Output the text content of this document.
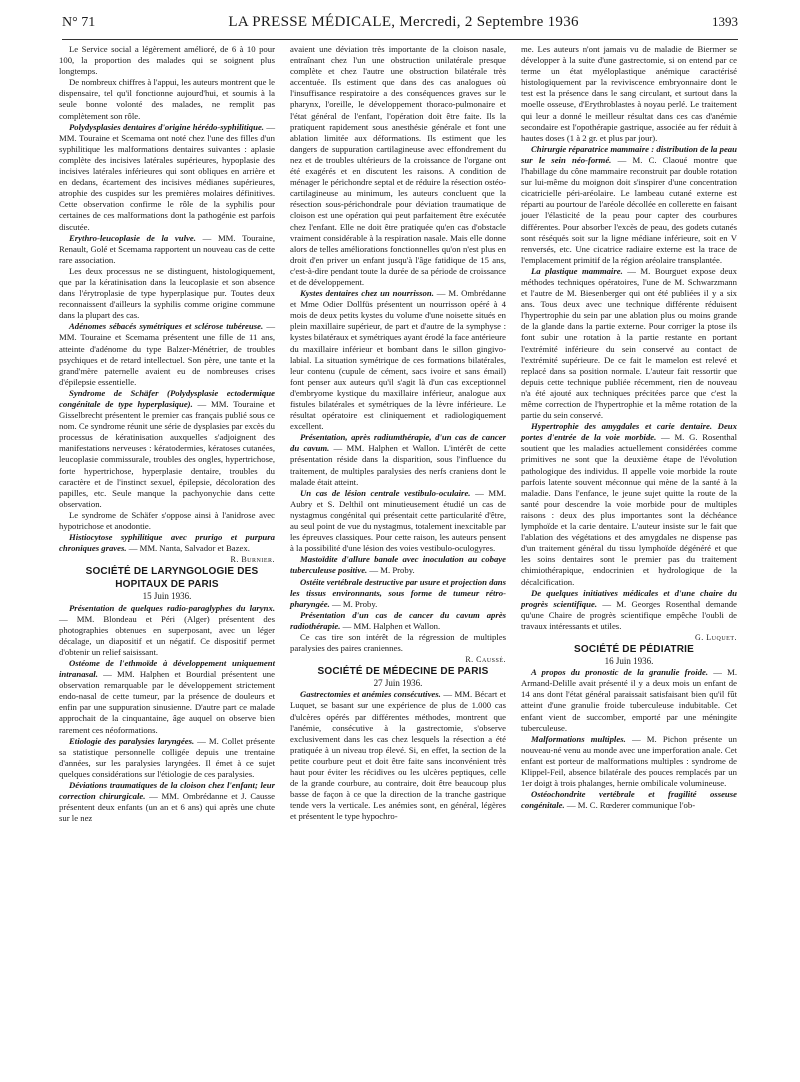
N° 71	LA PRESSE MÉDICALE, Mercredi, 2 Septembre 1936	1393

Le Service social a légèrement amélioré, de 6 à 10 pour 100, la proportion des malades qui se soignent plus longtemps.

De nombreux chiffres à l'appui, les auteurs montrent que le dispensaire, tel qu'il fonctionne aujourd'hui, et soumis à la seule bonne volonté des malades, ne remplit pas complètement son rôle.

Polydysplasies dentaires d'origine hérédo-syphilitique. — MM. Touraine et Scemama ont noté chez l'une des filles d'un syphilitique les malformations dentaires suivantes : aplasie complète des incisives latérales supérieures, hypoplasie des incisives latérales inférieures qui sont obliques en arrière et en dedans, écartement des incisives médianes supérieures, atrophie des cuspides sur les premières molaires définitives. Cette observation confirme le rôle de la syphilis pour certaines de ces malformations dont la pathogénie est parfois discutée.

Erythro-leucoplasie de la vulve. — MM. Touraine, Renault, Golé et Scemama rapportent un nouveau cas de cette rare association.

Les deux processus ne se distinguent, histologiquement, que par la kératinisation dans la leucoplasie et son absence dans l'érytroplasie de type hyperplasique pur. Toutes deux reconnaissent d'ailleurs la syphilis comme origine commune dans la plupart des cas.

Adénomes sébacés symétriques et sclérose tubéreuse. — MM. Touraine et Scemama présentent une fille de 11 ans, atteinte d'adénome du type Balzer-Ménétrier, de troubles psychiques et de retard intellectuel. Son père, une tante et la grand'mère paternelle avaient eu de nombreuses crises d'épilepsie essentielle.

Syndrome de Schäfer (Polydysplasie ectodermique congénitale de type hyperplasique). — MM. Touraine et Gisselbrecht présentent le premier cas français publié sous ce nom. Ce syndrome réunit une série de dysplasies par excès du processus de kératinisation auxquelles s'adjoignent des manifestations nerveuses : kératodermies, kératoses cutanées, leucoplasie commissurale, troubles des ongles, hypertrichose, forte hypertrichose, hyperplasie dentaire, troubles du caractère et de l'instinct sexuel, épilepsie, décoloration des papilles, etc. Seule manque la pachyonychie dans cette observation.

Le syndrome de Schäfer s'oppose ainsi à l'anidrose avec hypotrichose et anodontie.

Histiocytose syphilitique avec prurigo et purpura chroniques graves. — MM. Nanta, Salvador et Bazex.

R. Burnier.

SOCIÉTÉ DE LARYNGOLOGIE DES HOPITAUX DE PARIS

15 Juin 1936.

Présentation de quelques radio-paraglyphes du larynx. — MM. Blondeau et Péri (Alger) présentent des photographies obtenues en superposant, avec un léger décalage, un diapositif et un négatif. Ce dispositif permet d'obtenir un relief saisissant.

Ostéome de l'ethmoïde à développement uniquement intranasal. — MM. Halphen et Bourdial présentent une observation remarquable par le développement strictement endo-nasal de cette tumeur, par la présence de douleurs et enfin par une suppuration sinusienne. D'autre part ce malade approchait de la cinquantaine, âge auquel on observe bien rarement ces néoformations.

Etiologie des paralysies laryngées. — M. Collet présente sa statistique personnelle colligée depuis une trentaine d'années, sur les paralysies laryngées. Il émet à ce sujet quelques considérations sur l'étiologie de ces paralysies.

Déviations traumatiques de la cloison chez l'enfant; leur correction chirurgicale. — MM. Ombrédanne et J. Causse présentent deux enfants (un an et 6 ans) qui après une chute sur le nez

avaient une déviation très importante de la cloison nasale, entraînant chez l'un une obstruction unilatérale presque complète et chez l'autre une obstruction bilatérale très accentuée. Ils estiment que dans des cas analogues où l'insuffisance respiratoire a des conséquences graves sur le pharynx, l'oreille, le développement thoraco-pulmonaire et l'état général de l'enfant, l'opération doit être faite. Ils la pratiquent rapidement sous anesthésie générale et font une ablation limitée aux déformations. Ils estiment que les dangers de suppuration cartilagineuse avec effondrement du nez et de troubles ultérieurs de la croissance de l'organe ont été exagérés et en discutent les raisons. A condition de ménager le périchondre septal et de réduire la résection ostéo-cartilagineuse au minimum, les auteurs concluent que la résection sous-périchondrale pour déviation traumatique de cloison est une opération qui peut parfaitement être exécutée chez l'enfant. Elle ne doit être pratiquée qu'en cas d'obstacle vraiment considérable à la respiration nasale. Mais elle donne alors de telles améliorations fonctionnelles qu'on n'est plus en droit d'en priver un enfant jusqu'à l'âge fatidique de 15 ans, c'est-à-dire pendant toute la durée de sa période de croissance et de développement.

Kystes dentaires chez un nourrisson. — M. Ombrédanne et Mme Odier Dollfüs présentent un nourrisson opéré à 4 mois de deux petits kystes du volume d'une noisette situés en plein maxillaire supérieur, de part et d'autre de la symphyse : kystes bilatéraux et symétriques ayant érodé la face antérieure du maxillaire inférieur et bombant dans le sillon gingivo-labial. La situation symétrique de ces formations bilatérales, leur contenu (cupule de cément, sacs ivoire et sans émail) font penser aux auteurs qu'il s'agit là d'un cas exceptionnel d'embryome kystique du maxillaire inférieur, analogue aux fistules bilatérales et symétriques de la lèvre inférieure. Le résultat opératoire est cliniquement et radiologiquement excellent.

Présentation, après radiumthérapie, d'un cas de cancer du cavum. — MM. Halphen et Wallon. L'intérêt de cette présentation réside dans la disparition, sous l'influence du traitement, de multiples paralysies des nerfs craniens dont le malade était atteint.

Un cas de lésion centrale vestibulo-oculaire. — MM. Aubry et S. Delthil ont minutieusement étudié un cas de nystagmus congénital qui présentait cette particularité d'être, au seul point de vue du nystagmus, totalement inexcitable par les épreuves classiques. Pour cette raison, les auteurs pensent à la possibilité d'une lésion des voies vestibulo-oculogyres.

Mastoïdite d'allure banale avec inoculation au cobaye tuberculeuse positive. — M. Proby.

Ostéite vertébrale destructive par usure et projection dans les tissus environnants, sous forme de tumeur rétro-pharyngée. — M. Proby.

Présentation d'un cas de cancer du cavum après radiothérapie. — MM. Halphen et Wallon.

Ce cas tire son intérêt de la régression de multiples paralysies des paires craniennes.

R. Caussé.

SOCIÉTÉ DE MÉDECINE DE PARIS

27 Juin 1936.

Gastrectomies et anémies consécutives. — MM. Bécart et Luquet, se basant sur une expérience de plus de 1.000 cas d'ulcères opérés par différentes méthodes, montrent que l'anémie, consécutive à la gastrectomie, s'observe exclusivement dans les cas chez lesquels la résection a été pratiquée à un niveau trop élevé. Si, en effet, la section de la petite courbure peut et doit être faite sans inconvénient très haut pour éviter les récidives ou les ulcères peptiques, celle de la grande courbure, au contraire, doit être beaucoup plus basse de façon à ce que la direction de la tranche gastrique tende vers la verticale. Les anémies sont, en général, légères et présentent le type hypochro-

me. Les auteurs n'ont jamais vu de maladie de Biermer se développer à la suite d'une gastrectomie, si on entend par ce terme un état myéloplastique anémique caractérisé histologiquement par la reviviscence embryonnaire dont le test est la présence dans le sang circulant, et surtout dans la moelle osseuse, d'Erythroblastes à noyau perlé. Le traitement qui leur a donné le meilleur résultat dans ces cas d'anémie secondaire est l'opothérapie gastrique, associée au fer réduit à hautes doses (1 à 2 gr. et plus par jour).

Chirurgie réparatrice mammaire : distribution de la peau sur le sein néo-formé. — M. C. Claoué montre que l'habillage du cône mammaire reconstruit par double rotation sur lui-même du moignon doit s'inspirer d'une concentration cicatricielle péri-aréolaire. Le lambeau cutané externe est réparti au pourtour de l'aréole décollée en collerette en faisant jouer l'élasticité de la peau pour capter des courbures différentes. Pour absorber l'excès de peau, des godets cutanés sont réséqués soit sur la ligne médiane inférieure, soit en V renversés, etc. Une cicatrice radiaire externe est la trace de l'emplacement primitif de la région aréolaire transplantée.

La plastique mammaire. — M. Bourguet expose deux méthodes techniques opératoires, l'une de M. Schwarzmann et l'autre de M. Biesenberger qui ont été publiées il y a six ans. Tous deux avec une technique différente réduisent l'hypertrophie du sein par une ablation plus ou moins grande de la glande dans la partie externe. Pour corriger la ptose ils font subir une rotation à la partie restante en portant l'extrémité inférieure du sein conservé au contact de l'extrémité supérieure. De ce fait le mamelon est relevé et replacé dans sa position normale. L'auteur fait ressortir que depuis cette technique publiée récemment, rien de nouveau n'a été ajouté aux techniques précitées parce que c'est la même correction de l'hypertrophie et la même rotation de la partie du sein conservé.

Hypertrophie des amygdales et carie dentaire. Deux portes d'entrée de la voie morbide. — M. G. Rosenthal soutient que les maladies actuellement considérées comme primitives ne sont que la deuxième étape de l'évolution pathologique des individus. Il appelle voie morbide la route parfois latente souvent méconnue qui mène de la santé à la maladie. Dans l'enfance, le jeune sujet quitte la route de la santé pour descendre la voie morbide pour de multiples raisons : deux des plus importantes sont la déchéance lymphoïde et la carie dentaire. L'auteur insiste sur le fait que l'ablation des végétations et des amygdales ne dispense pas d'un traitement général du tissu lymphoïde dégénéré et que les soins dentaires sont le premier pas du traitement chimiothérapique, endocrinien et hydrologique de la décalcification.

De quelques initiatives médicales et d'une chaire du progrès scientifique. — M. Georges Rosenthal demande qu'une Chaire de progrès scientifique empêche l'oubli de travaux intéressants et utiles.

G. Luquet.

SOCIÉTÉ DE PÉDIATRIE

16 Juin 1936.

A propos du pronostic de la granulie froide. — M. Armand-Delille avait présenté il y a deux mois un enfant de 14 ans dont l'état général paraissait satisfaisant bien qu'il fût atteint d'une granulie froide tuberculeuse indubitable. Cet enfant vient de succomber, emporté par une méningite tuberculeuse.

Malformations multiples. — M. Pichon présente un nouveau-né venu au monde avec une imperforation anale. Cet enfant est porteur de malformations multiples : syndrome de Klippel-Feil, absence bilatérale des pouces remplacés par un 1er doigt à trois phalanges, hernie ombilicale volumineuse.

Ostéochondrite vertébrale et fragilité osseuse congénitale. — M. C. Rœderer communique l'ob-
